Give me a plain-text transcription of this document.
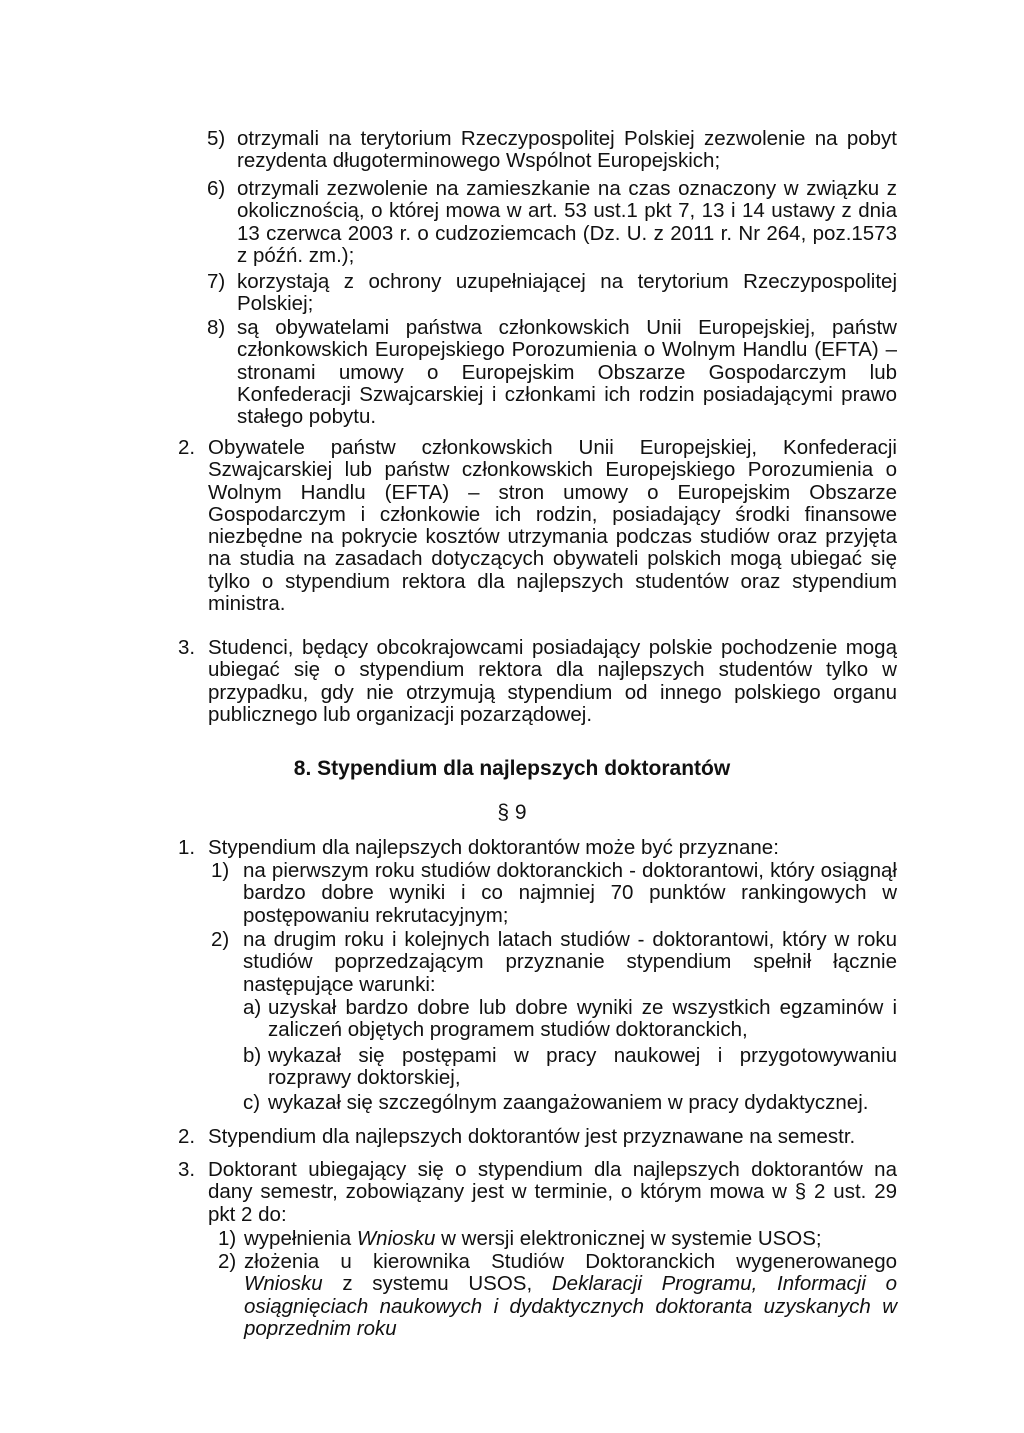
5) otrzymali na terytorium Rzeczypospolitej Polskiej zezwolenie na pobyt rezydenta długoterminowego Wspólnot Europejskich;
6) otrzymali zezwolenie na zamieszkanie na czas oznaczony w związku z okolicznością, o której mowa w art. 53 ust.1 pkt 7, 13 i 14 ustawy z dnia 13 czerwca 2003 r. o cudzoziemcach (Dz. U. z 2011 r. Nr 264, poz.1573 z późń. zm.);
7) korzystają z ochrony uzupełniającej na terytorium Rzeczypospolitej Polskiej;
8) są obywatelami państwa członkowskich Unii Europejskiej, państw członkowskich Europejskiego Porozumienia o Wolnym Handlu (EFTA) – stronami umowy o Europejskim Obszarze Gospodarczym lub Konfederacji Szwajcarskiej i członkami ich rodzin posiadającymi prawo stałego pobytu.
2. Obywatele państw członkowskich Unii Europejskiej, Konfederacji Szwajcarskiej lub państw członkowskich Europejskiego Porozumienia o Wolnym Handlu (EFTA) – stron umowy o Europejskim Obszarze Gospodarczym i członkowie ich rodzin, posiadający środki finansowe niezbędne na pokrycie kosztów utrzymania podczas studiów oraz przyjęta na studia na zasadach dotyczących obywateli polskich mogą ubiegać się tylko o stypendium rektora dla najlepszych studentów oraz stypendium ministra.
3. Studenci, będący obcokrajowcami posiadający polskie pochodzenie mogą ubiegać się o stypendium rektora dla najlepszych studentów tylko w przypadku, gdy nie otrzymują stypendium od innego polskiego organu publicznego lub organizacji pozarządowej.
8. Stypendium dla najlepszych doktorantów
§ 9
1. Stypendium dla najlepszych doktorantów może być przyznane:
1) na pierwszym roku studiów doktoranckich - doktorantowi, który osiągnął bardzo dobre wyniki i co najmniej 70 punktów rankingowych w postępowaniu rekrutacyjnym;
2) na drugim roku i kolejnych latach studiów - doktorantowi, który w roku studiów poprzedzającym przyznanie stypendium spełnił łącznie następujące warunki:
a) uzyskał bardzo dobre lub dobre wyniki ze wszystkich egzaminów i zaliczeń objętych programem studiów doktoranckich,
b) wykazał się postępami w pracy naukowej i przygotowywaniu rozprawy doktorskiej,
c) wykazał się szczególnym zaangażowaniem w pracy dydaktycznej.
2. Stypendium dla najlepszych doktorantów jest przyznawane na semestr.
3. Doktorant ubiegający się o stypendium dla najlepszych doktorantów na dany semestr, zobowiązany jest w terminie, o którym mowa w § 2 ust. 29 pkt 2 do:
1) wypełnienia Wniosku w wersji elektronicznej w systemie USOS;
2) złożenia u kierownika Studiów Doktoranckich wygenerowanego Wniosku z systemu USOS, Deklaracji Programu, Informacji o osiągnięciach naukowych i dydaktycznych doktoranta uzyskanych w poprzednim roku
